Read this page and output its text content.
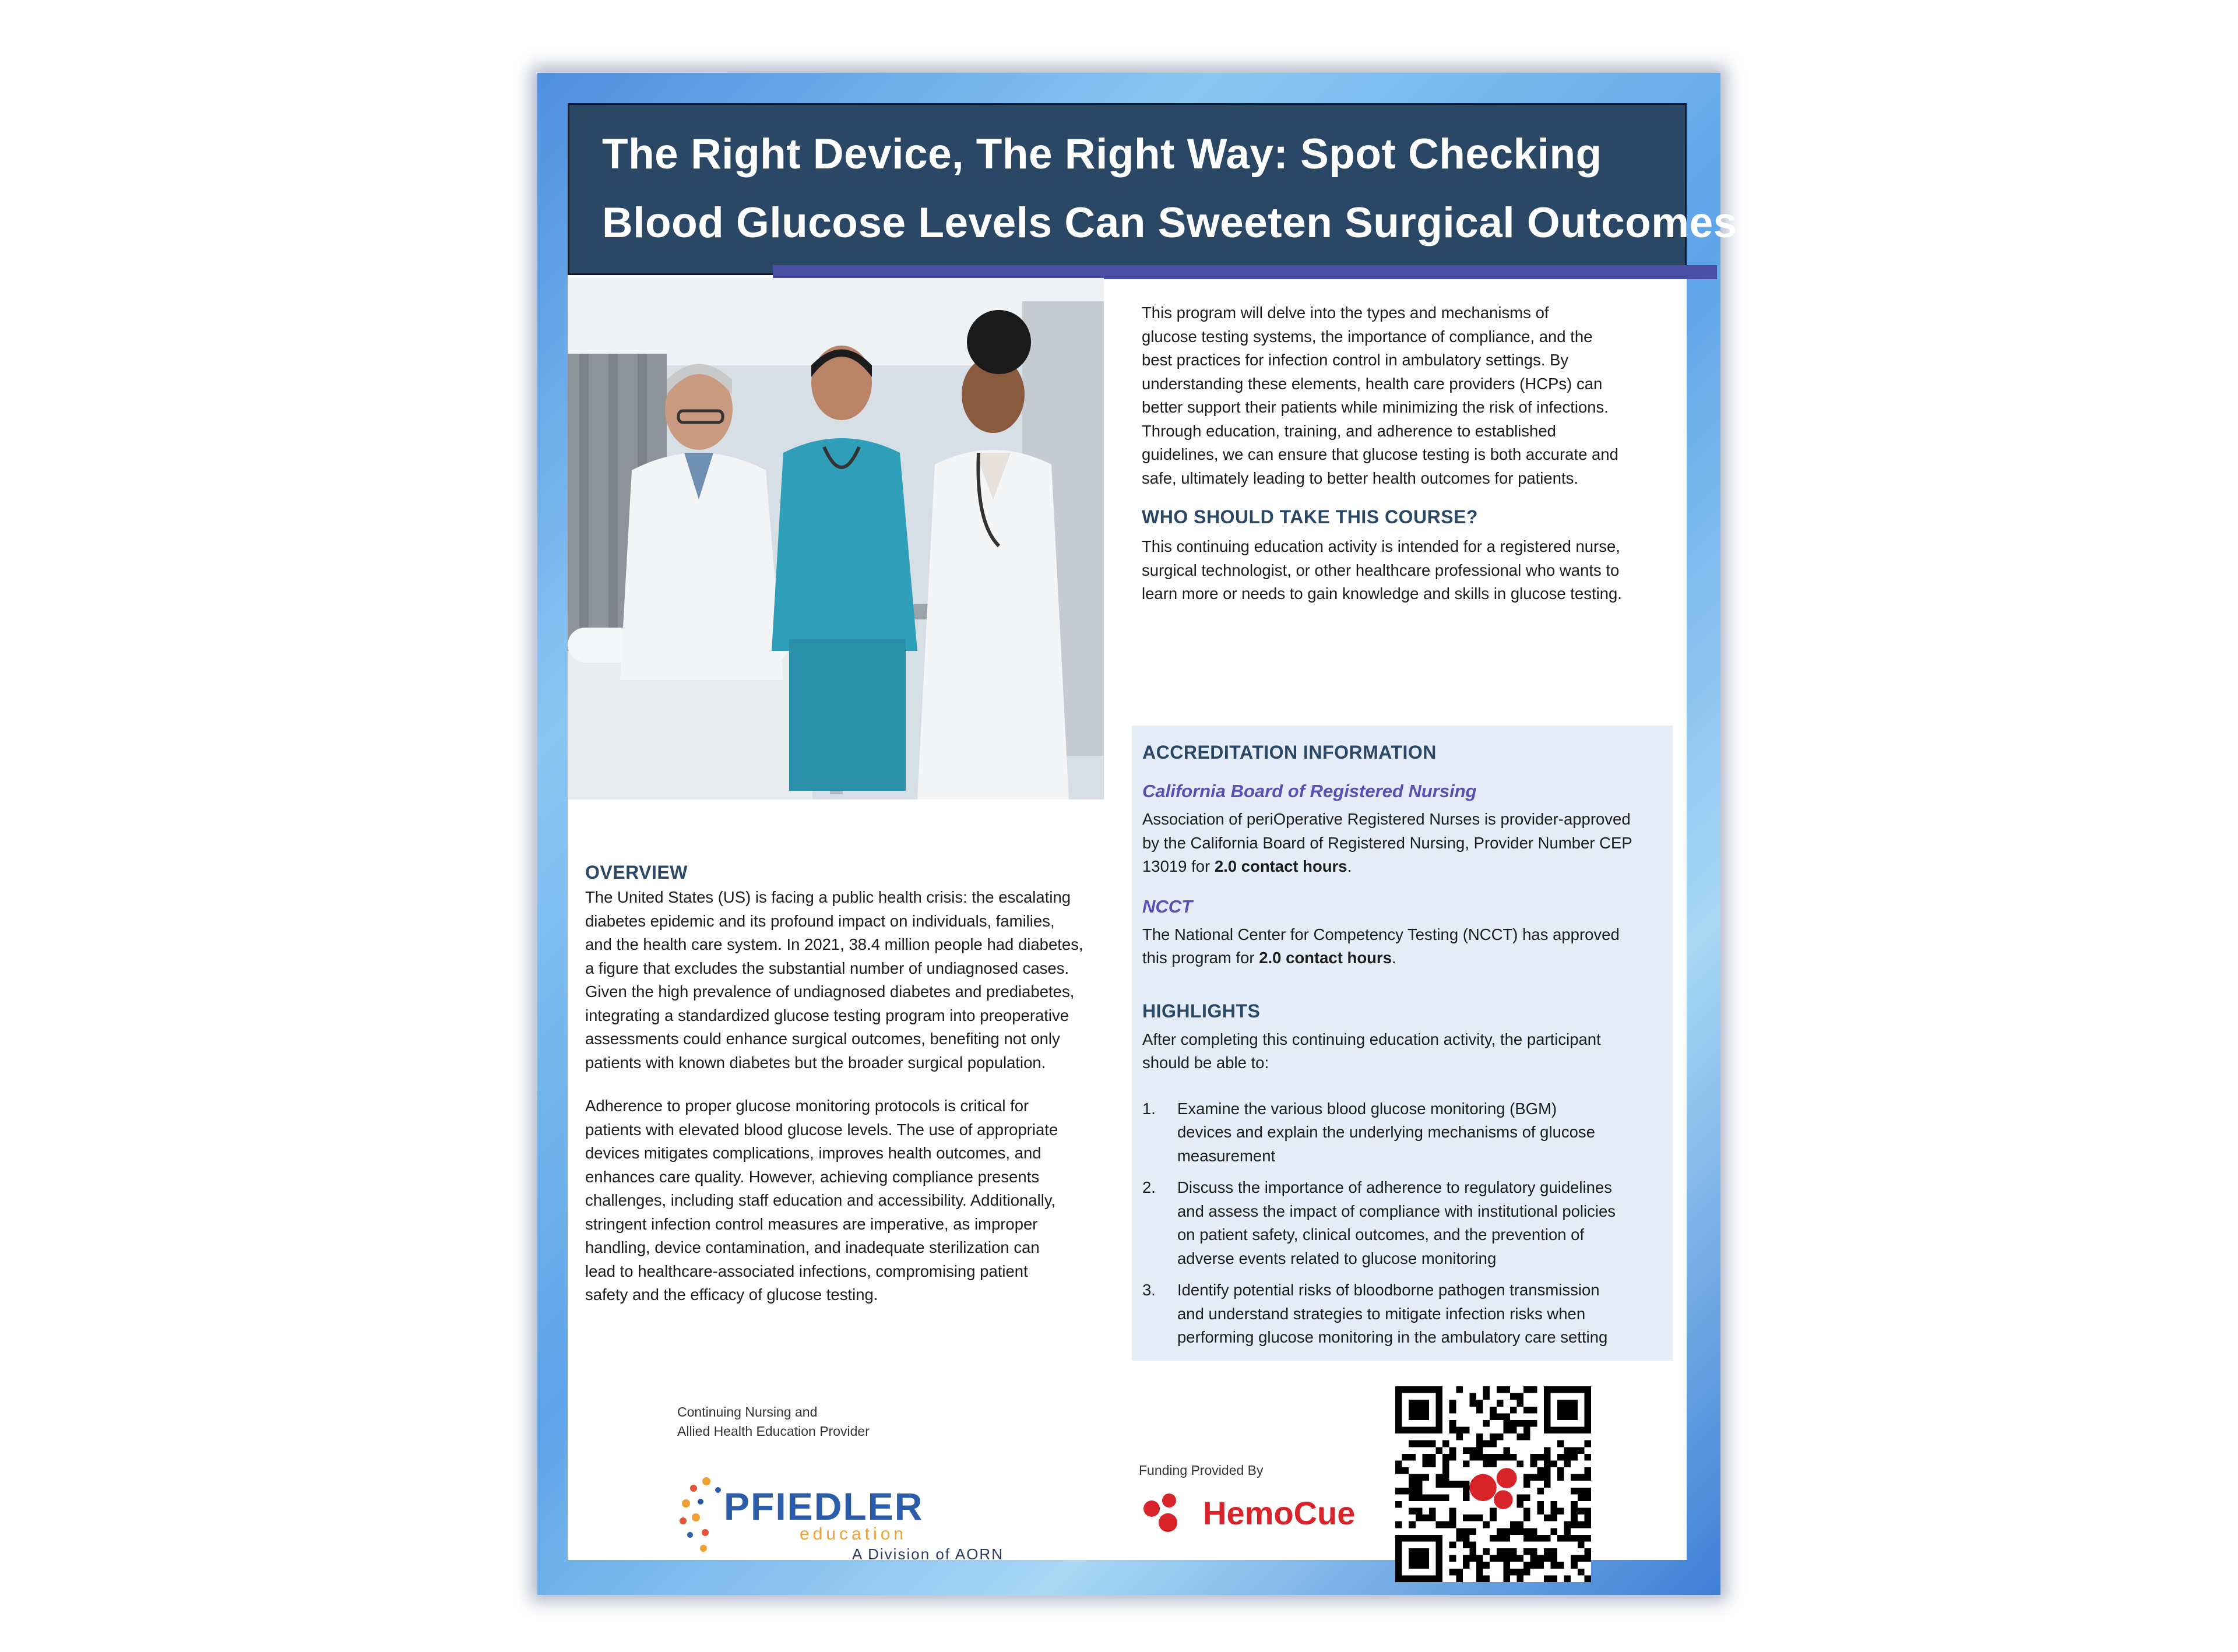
The Right Device, The Right Way: Spot Checking
Blood Glucose Levels Can Sweeten Surgical Outcomes

This program will delve into the types and mechanisms of
glucose testing systems, the importance of compliance, and the
best practices for infection control in ambulatory settings. By
understanding these elements, health care providers (HCPs) can
better support their patients while minimizing the risk of infections.
Through education, training, and adherence to established
guidelines, we can ensure that glucose testing is both accurate and
safe, ultimately leading to better health outcomes for patients.

WHO SHOULD TAKE THIS COURSE?

This continuing education activity is intended for a registered nurse,
surgical technologist, or other healthcare professional who wants to
learn more or needs to gain knowledge and skills in glucose testing.

ACCREDITATION INFORMATION

California Board of Registered Nursing

Association of periOperative Registered Nurses is provider-approved
by the California Board of Registered Nursing, Provider Number CEP
13019 for 2.0 contact hours.

NCCT

The National Center for Competency Testing (NCCT) has approved
this program for 2.0 contact hours.

HIGHLIGHTS

After completing this continuing education activity, the participant
should be able to:

1. Examine the various blood glucose monitoring (BGM)
devices and explain the underlying mechanisms of glucose
measurement

2. Discuss the importance of adherence to regulatory guidelines
and assess the impact of compliance with institutional policies
on patient safety, clinical outcomes, and the prevention of
adverse events related to glucose monitoring

3. Identify potential risks of bloodborne pathogen transmission
and understand strategies to mitigate infection risks when
performing glucose monitoring in the ambulatory care setting

OVERVIEW

The United States (US) is facing a public health crisis: the escalating
diabetes epidemic and its profound impact on individuals, families,
and the health care system. In 2021, 38.4 million people had diabetes,
a figure that excludes the substantial number of undiagnosed cases.
Given the high prevalence of undiagnosed diabetes and prediabetes,
integrating a standardized glucose testing program into preoperative
assessments could enhance surgical outcomes, benefiting not only
patients with known diabetes but the broader surgical population.

Adherence to proper glucose monitoring protocols is critical for
patients with elevated blood glucose levels. The use of appropriate
devices mitigates complications, improves health outcomes, and
enhances care quality. However, achieving compliance presents
challenges, including staff education and accessibility. Additionally,
stringent infection control measures are imperative, as improper
handling, device contamination, and inadequate sterilization can
lead to healthcare-associated infections, compromising patient
safety and the efficacy of glucose testing.

Continuing Nursing and

Allied Health Education Provider

PFIEDLER
education
A Division of AORN

Funding Provided By

HemoCue
